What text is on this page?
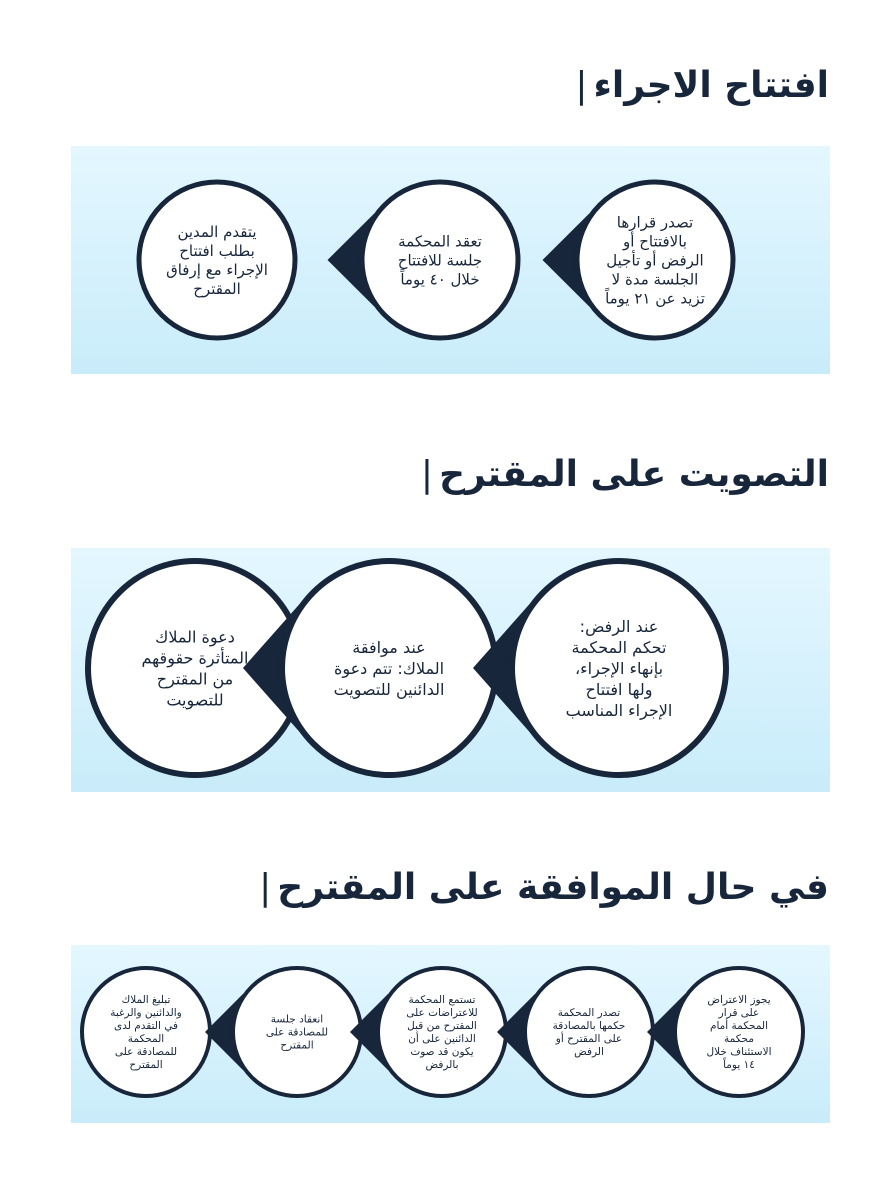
افتتاح الاجراء|
يتقدم المدين
بطلب افتتاح
الإجراء مع إرفاق
المقترح
تعقد المحكمة
جلسة للافتتاح
خلال ٤٠ يوماً
تصدر قرارها
بالافتتاح أو
الرفض أو تأجيل
الجلسة مدة لا
تزيد عن ٢١ يوماً
التصويت على المقترح|
دعوة الملاك
المتأثرة حقوقهم
من المقترح
للتصويت
عند موافقة
الملاك: تتم دعوة
الدائنين للتصويت
عند الرفض:
تحكم المحكمة
بإنهاء الإجراء،
ولها افتتاح
الإجراء المناسب
في حال الموافقة على المقترح|
تبليغ الملاك
والدائنين والرغبة
في التقدم لدى
المحكمة
للمصادقة على
المقترح
انعقاد جلسة
للمصادقة على
المقترح
تستمع المحكمة
للاعتراضات على
المقترح من قبل
الدائنين على أن
يكون قد صوت
بالرفض
تصدر المحكمة
حكمها بالمصادقة
على المقترح أو
الرفض
يجوز الاعتراض
على قرار
المحكمة أمام
محكمة
الاستئناف خلال
١٤ يوماً
